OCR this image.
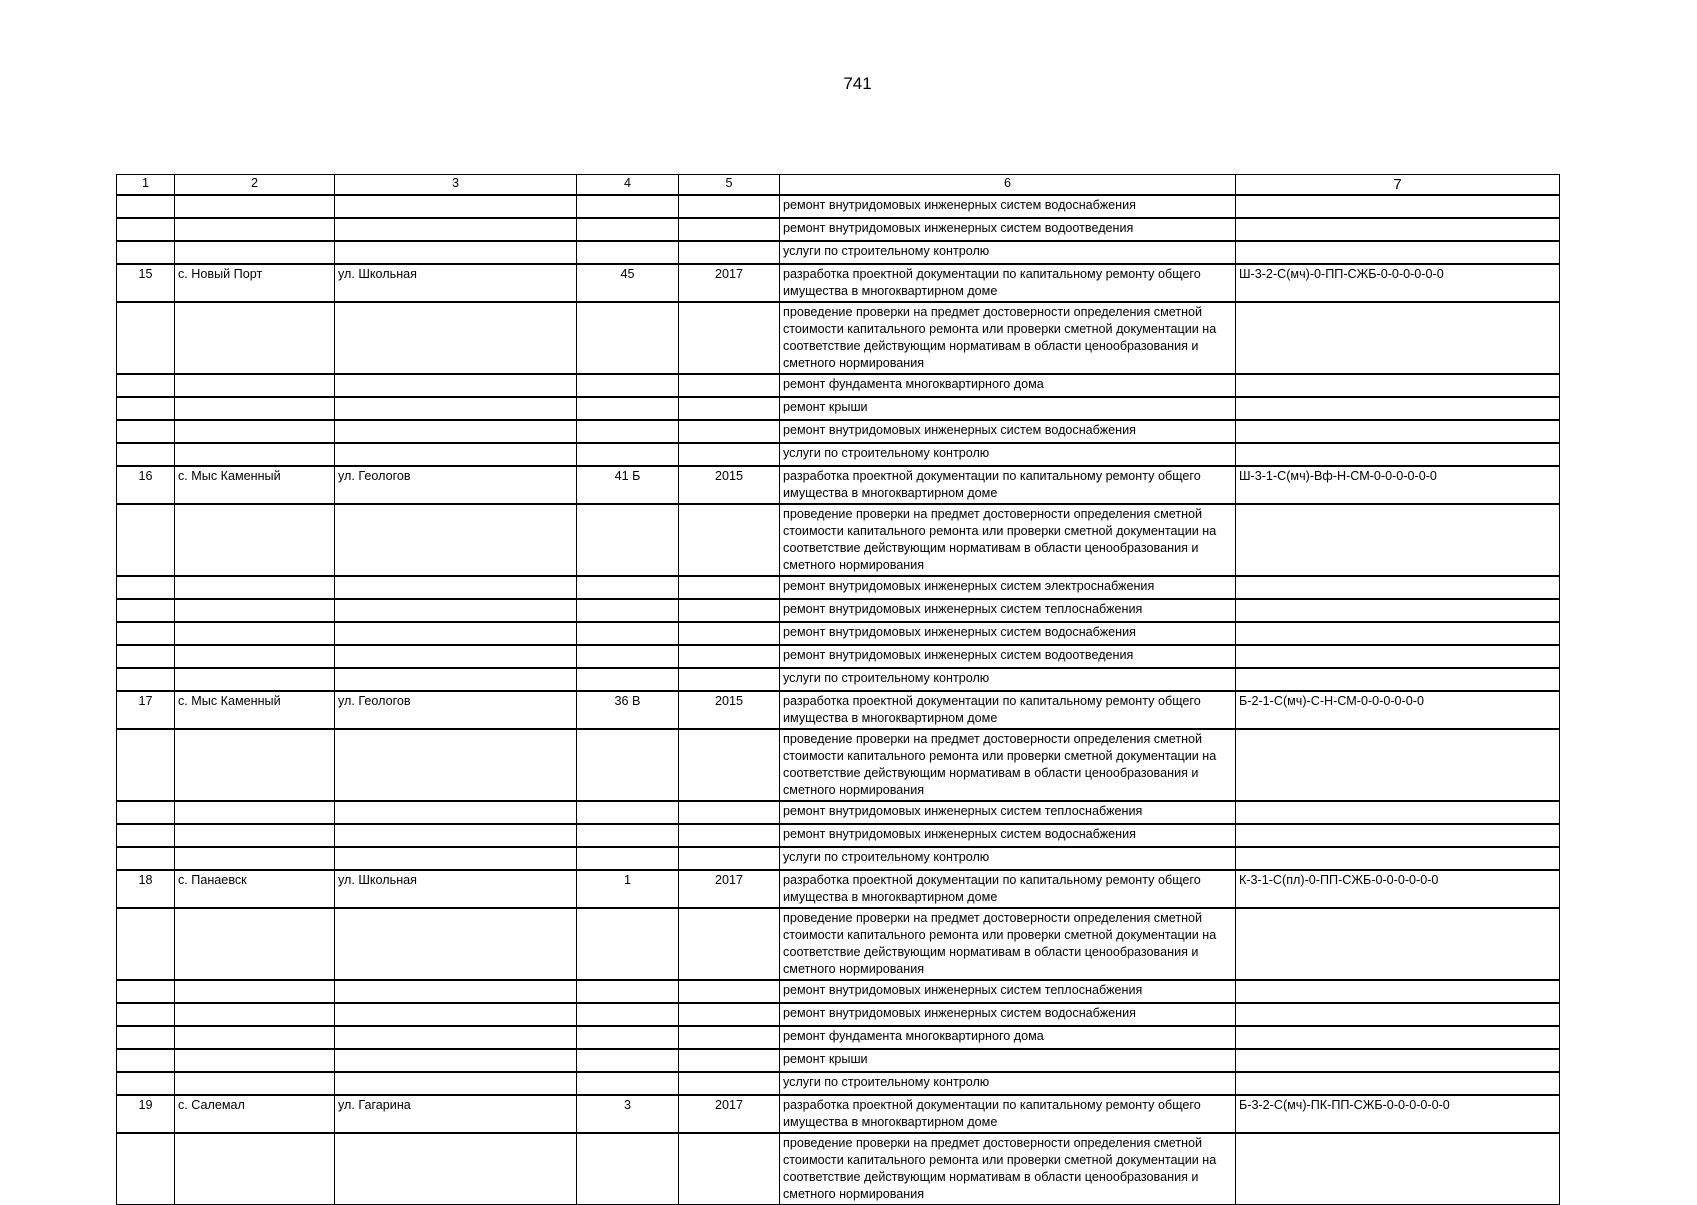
741
1	2	3	4	5	6	7
					ремонт внутридомовых инженерных систем водоснабжения	
					ремонт внутридомовых инженерных систем водоотведения	
					услуги по строительному контролю	
15	с. Новый Порт	ул. Школьная	45	2017	разработка проектной документации по капитальному ремонту общего имущества в многоквартирном доме	Ш-3-2-С(мч)-0-ПП-СЖБ-0-0-0-0-0-0
					проведение проверки на предмет достоверности определения сметной стоимости капитального ремонта или проверки сметной документации на соответствие действующим нормативам в области ценообразования и сметного нормирования	
					ремонт фундамента многоквартирного дома	
					ремонт крыши	
					ремонт внутридомовых инженерных систем водоснабжения	
					услуги по строительному контролю	
16	с. Мыс Каменный	ул. Геологов	41 Б	2015	разработка проектной документации по капитальному ремонту общего имущества в многоквартирном доме	Ш-3-1-С(мч)-Вф-Н-СМ-0-0-0-0-0-0
					проведение проверки на предмет достоверности определения сметной стоимости капитального ремонта или проверки сметной документации на соответствие действующим нормативам в области ценообразования и сметного нормирования	
					ремонт внутридомовых инженерных систем электроснабжения	
					ремонт внутридомовых инженерных систем теплоснабжения	
					ремонт внутридомовых инженерных систем водоснабжения	
					ремонт внутридомовых инженерных систем водоотведения	
					услуги по строительному контролю	
17	с. Мыс Каменный	ул. Геологов	36 В	2015	разработка проектной документации по капитальному ремонту общего имущества в многоквартирном доме	Б-2-1-С(мч)-С-Н-СМ-0-0-0-0-0-0
					проведение проверки на предмет достоверности определения сметной стоимости капитального ремонта или проверки сметной документации на соответствие действующим нормативам в области ценообразования и сметного нормирования	
					ремонт внутридомовых инженерных систем теплоснабжения	
					ремонт внутридомовых инженерных систем водоснабжения	
					услуги по строительному контролю	
18	с. Панаевск	ул. Школьная	1	2017	разработка проектной документации по капитальному ремонту общего имущества в многоквартирном доме	К-3-1-С(пл)-0-ПП-СЖБ-0-0-0-0-0-0
					проведение проверки на предмет достоверности определения сметной стоимости капитального ремонта или проверки сметной документации на соответствие действующим нормативам в области ценообразования и сметного нормирования	
					ремонт внутридомовых инженерных систем теплоснабжения	
					ремонт внутридомовых инженерных систем водоснабжения	
					ремонт фундамента многоквартирного дома	
					ремонт крыши	
					услуги по строительному контролю	
19	с. Салемал	ул. Гагарина	3	2017	разработка проектной документации по капитальному ремонту общего имущества в многоквартирном доме	Б-3-2-С(мч)-ПК-ПП-СЖБ-0-0-0-0-0-0
					проведение проверки на предмет достоверности определения сметной стоимости капитального ремонта или проверки сметной документации на соответствие действующим нормативам в области ценообразования и сметного нормирования	
